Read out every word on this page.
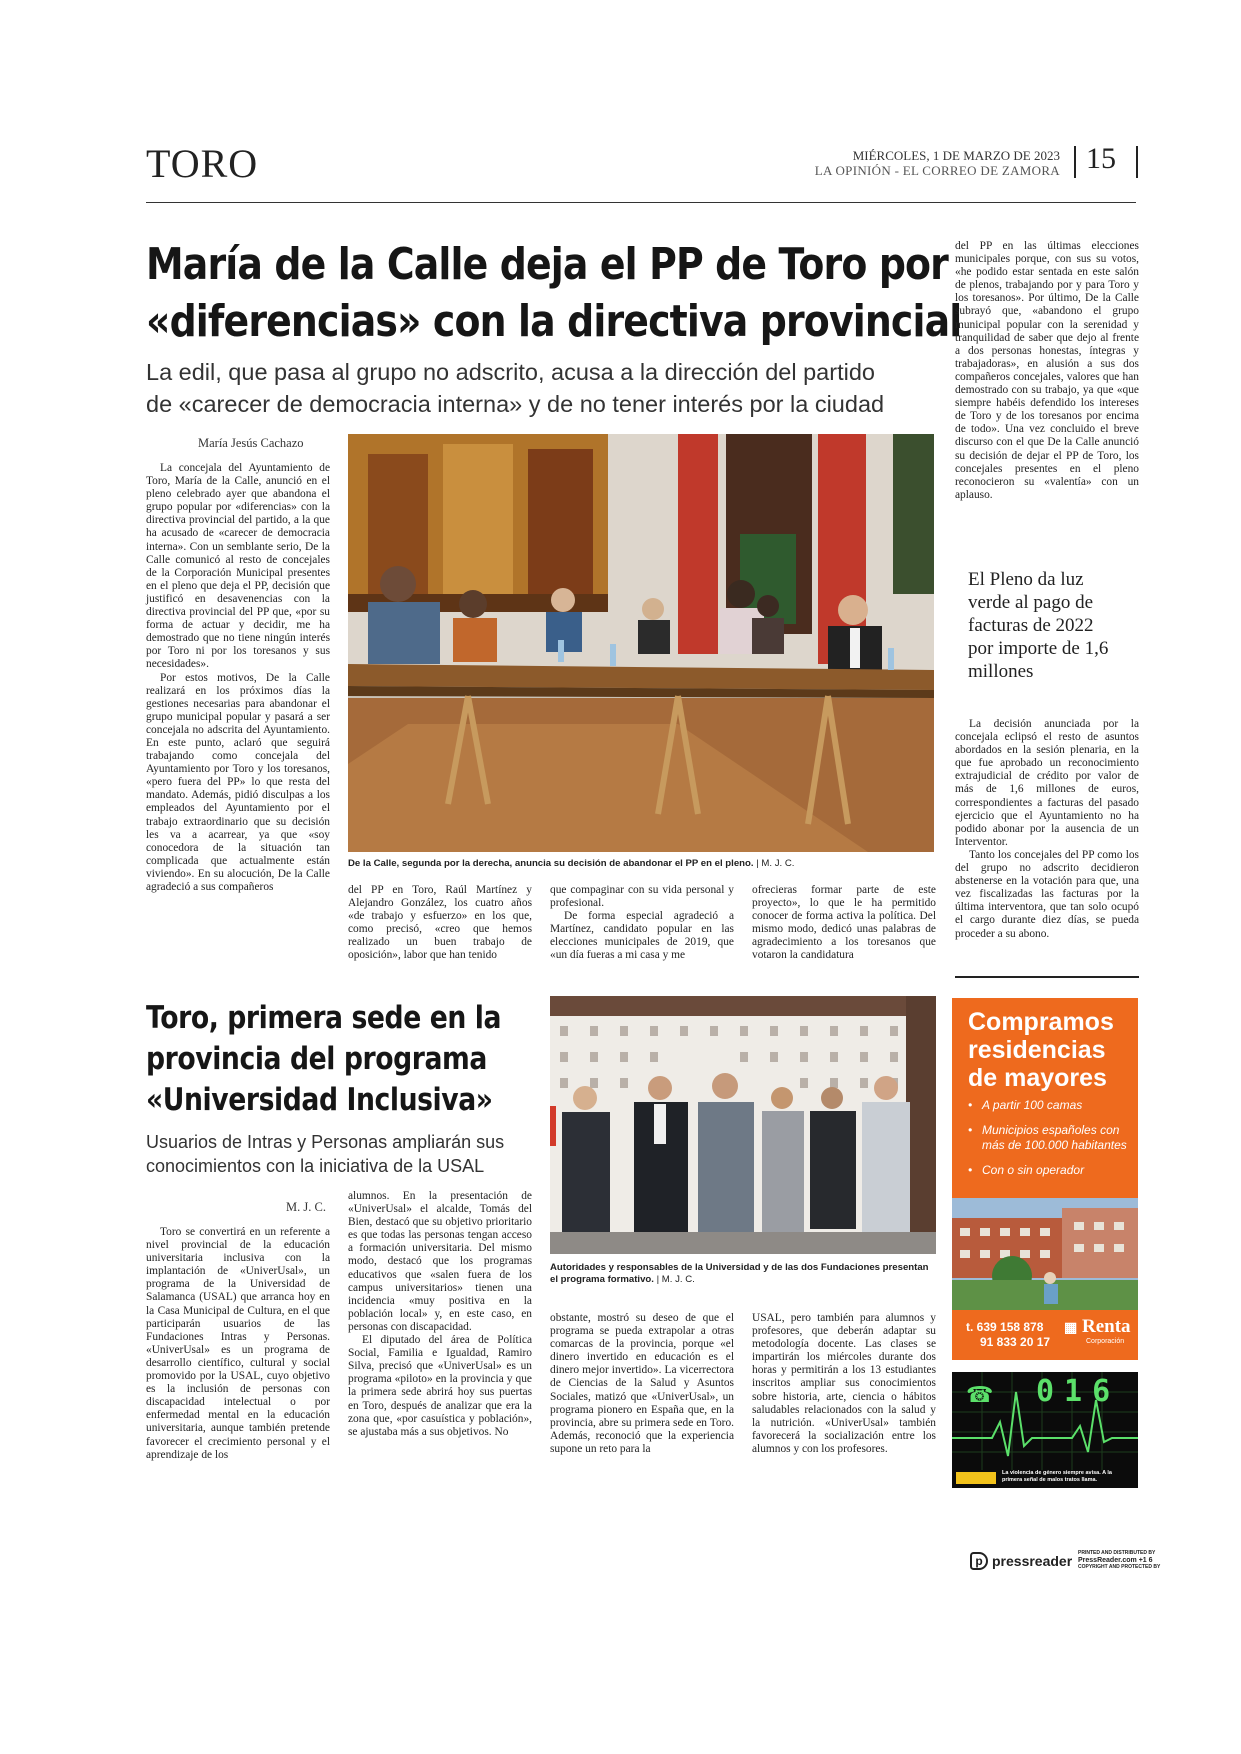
TORO	MIÉRCOLES, 1 DE MARZO DE 2023
LA OPINIÓN - EL CORREO DE ZAMORA 15
María de la Calle deja el PP de Toro por
«diferencias» con la directiva provincial
La edil, que pasa al grupo no adscrito, acusa a la dirección del partido
de «carecer de democracia interna» y de no tener interés por la ciudad
María Jesús Cachazo

La concejala del Ayuntamiento de Toro, María de la Calle, anunció en el pleno celebrado ayer que abandona el grupo popular por «diferencias» con la directiva provincial del partido, a la que ha acusado de «carecer de democracia interna». Con un semblante serio, De la Calle comunicó al resto de concejales de la Corporación Municipal presentes en el pleno que deja el PP, decisión que justificó en desavenencias con la directiva provincial del PP que, «por su forma de actuar y decidir, me ha demostrado que no tiene ningún interés por Toro ni por los toresanos y sus necesidades».

Por estos motivos, De la Calle realizará en los próximos días la gestiones necesarias para abandonar el grupo municipal popular y pasará a ser concejala no adscrita del Ayuntamiento. En este punto, aclaró que seguirá trabajando como concejala del Ayuntamiento por Toro y los toresanos, «pero fuera del PP» lo que resta del mandato. Además, pidió disculpas a los empleados del Ayuntamiento por el trabajo extraordinario que su decisión les va a acarrear, ya que «soy conocedora de la situación tan complicada que actualmente están viviendo». En su alocución, De la Calle agradeció a sus compañeros

De la Calle, segunda por la derecha, anuncia su decisión de abandonar el PP en el pleno. | M. J. C.

del PP en Toro, Raúl Martínez y Alejandro González, los cuatro años «de trabajo y esfuerzo» en los que, como precisó, «creo que hemos realizado un buen trabajo de oposición», labor que han tenido

que compaginar con su vida personal y profesional.

De forma especial agradeció a Martínez, candidato popular en las elecciones municipales de 2019, que «un día fueras a mi casa y me

ofrecieras formar parte de este proyecto», lo que le ha permitido conocer de forma activa la política. Del mismo modo, dedicó unas palabras de agradecimiento a los toresanos que votaron la candidatura

del PP en las últimas elecciones municipales porque, con sus su votos, «he podido estar sentada en este salón de plenos, trabajando por y para Toro y los toresanos». Por último, De la Calle subrayó que, «abandono el grupo municipal popular con la serenidad y tranquilidad de saber que dejo al frente a dos personas honestas, íntegras y trabajadoras», en alusión a sus dos compañeros concejales, valores que han demostrado con su trabajo, ya que «que siempre habéis defendido los intereses de Toro y de los toresanos por encima de todo». Una vez concluido el breve discurso con el que De la Calle anunció su decisión de dejar el PP de Toro, los concejales presentes en el pleno reconocieron su «valentía» con un aplauso.

El Pleno da luz verde al pago de facturas de 2022 por importe de 1,6 millones

La decisión anunciada por la concejala eclipsó el resto de asuntos abordados en la sesión plenaria, en la que fue aprobado un reconocimiento extrajudicial de crédito por valor de más de 1,6 millones de euros, correspondientes a facturas del pasado ejercicio que el Ayuntamiento no ha podido abonar por la ausencia de un Interventor.

Tanto los concejales del PP como los del grupo no adscrito decidieron abstenerse en la votación para que, una vez fiscalizadas las facturas por la última interventora, que tan solo ocupó el cargo durante diez días, se pueda proceder a su abono.

Toro, primera sede en la
provincia del programa
«Universidad Inclusiva»
Usuarios de Intras y Personas ampliarán sus
conocimientos con la iniciativa de la USAL
M. J. C.

Toro se convertirá en un referente a nivel provincial de la educación universitaria inclusiva con la implantación de «UniverUsal», un programa de la Universidad de Salamanca (USAL) que arranca hoy en la Casa Municipal de Cultura, en el que participarán usuarios de las Fundaciones Intras y Personas. «UniverUsal» es un programa de desarrollo científico, cultural y social promovido por la USAL, cuyo objetivo es la inclusión de personas con discapacidad intelectual o por enfermedad mental en la educación universitaria, aunque también pretende favorecer el crecimiento personal y el aprendizaje de los

alumnos. En la presentación de «UniverUsal» el alcalde, Tomás del Bien, destacó que su objetivo prioritario es que todas las personas tengan acceso a formación universitaria. Del mismo modo, destacó que los programas educativos que «salen fuera de los campus universitarios» tienen una incidencia «muy positiva en la población local» y, en este caso, en personas con discapacidad.

El diputado del área de Política Social, Familia e Igualdad, Ramiro Silva, precisó que «UniverUsal» es un programa «piloto» en la provincia y que la primera sede abrirá hoy sus puertas en Toro, después de analizar que era la zona que, «por casuística y población», se ajustaba más a sus objetivos. No

Autoridades y responsables de la Universidad y de las dos Fundaciones presentan el programa formativo. | M. J. C.

obstante, mostró su deseo de que el programa se pueda extrapolar a otras comarcas de la provincia, porque «el dinero invertido en educación es el dinero mejor invertido». La vicerrectora de Ciencias de la Salud y Asuntos Sociales, matizó que «UniverUsal», un programa pionero en España que, en la provincia, abre su primera sede en Toro. Además, reconoció que la experiencia supone un reto para la

USAL, pero también para alumnos y profesores, que deberán adaptar su metodología docente. Las clases se impartirán los miércoles durante dos horas y permitirán a los 13 estudiantes inscritos ampliar sus conocimientos sobre historia, arte, ciencia o hábitos saludables relacionados con la salud y la nutrición. «UniverUsal» también favorecerá la socialización entre los alumnos y con los profesores.

Compramos residencias de mayores
• A partir 100 camas
• Municipios españoles con más de 100.000 habitantes
• Con o sin operador
t. 639 158 878
91 833 20 17
▦ Renta
Corporación
☎ 016
La violencia de género siempre avisa. A la primera señal de malos tratos llama.
p pressreader PRINTED AND DISTRIBUTED BY
PressReader.com +1 6
COPYRIGHT AND PROTECTED BY
